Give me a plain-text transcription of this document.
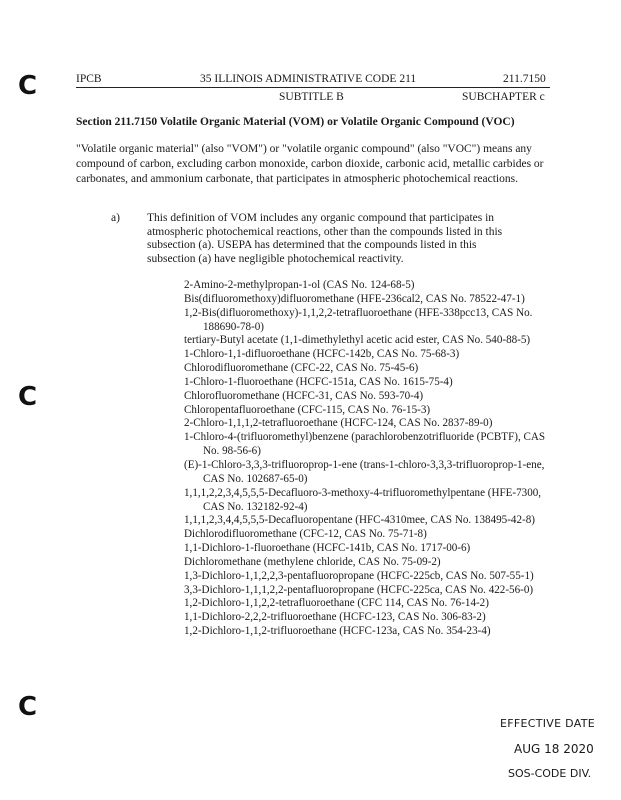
C
C
C
IPCB	35 ILLINOIS ADMINISTRATIVE CODE 211	211.7150
SUBTITLE B	SUBCHAPTER c
Section 211.7150 Volatile Organic Material (VOM) or Volatile Organic Compound (VOC)
"Volatile organic material" (also "VOM") or "volatile organic compound" (also "VOC") means any compound of carbon, excluding carbon monoxide, carbon dioxide, carbonic acid, metallic carbides or carbonates, and ammonium carbonate, that participates in atmospheric photochemical reactions.
a) This definition of VOM includes any organic compound that participates in atmospheric photochemical reactions, other than the compounds listed in this subsection (a). USEPA has determined that the compounds listed in this subsection (a) have negligible photochemical reactivity.
2-Amino-2-methylpropan-1-ol (CAS No. 124-68-5)
Bis(difluoromethoxy)difluoromethane (HFE-236cal2, CAS No. 78522-47-1)
1,2-Bis(difluoromethoxy)-1,1,2,2-tetrafluoroethane (HFE-338pcc13, CAS No. 188690-78-0)
tertiary-Butyl acetate (1,1-dimethylethyl acetic acid ester, CAS No. 540-88-5)
1-Chloro-1,1-difluoroethane (HCFC-142b, CAS No. 75-68-3)
Chlorodifluoromethane (CFC-22, CAS No. 75-45-6)
1-Chloro-1-fluoroethane (HCFC-151a, CAS No. 1615-75-4)
Chlorofluoromethane (HCFC-31, CAS No. 593-70-4)
Chloropentafluoroethane (CFC-115, CAS No. 76-15-3)
2-Chloro-1,1,1,2-tetrafluoroethane (HCFC-124, CAS No. 2837-89-0)
1-Chloro-4-(trifluoromethyl)benzene (parachlorobenzotrifluoride (PCBTF), CAS No. 98-56-6)
(E)-1-Chloro-3,3,3-trifluoroprop-1-ene (trans-1-chloro-3,3,3-trifluoroprop-1-ene, CAS No. 102687-65-0)
1,1,1,2,2,3,4,5,5,5-Decafluoro-3-methoxy-4-trifluoromethylpentane (HFE-7300, CAS No. 132182-92-4)
1,1,1,2,3,4,4,5,5,5-Decafluoropentane (HFC-4310mee, CAS No. 138495-42-8)
Dichlorodifluoromethane (CFC-12, CAS No. 75-71-8)
1,1-Dichloro-1-fluoroethane (HCFC-141b, CAS No. 1717-00-6)
Dichloromethane (methylene chloride, CAS No. 75-09-2)
1,3-Dichloro-1,1,2,2,3-pentafluoropropane (HCFC-225cb, CAS No. 507-55-1)
3,3-Dichloro-1,1,1,2,2-pentafluoropropane (HCFC-225ca, CAS No. 422-56-0)
1,2-Dichloro-1,1,2,2-tetrafluoroethane (CFC 114, CAS No. 76-14-2)
1,1-Dichloro-2,2,2-trifluoroethane (HCFC-123, CAS No. 306-83-2)
1,2-Dichloro-1,1,2-trifluoroethane (HCFC-123a, CAS No. 354-23-4)
EFFECTIVE DATE
AUG 18 2020
SOS-CODE DIV.
